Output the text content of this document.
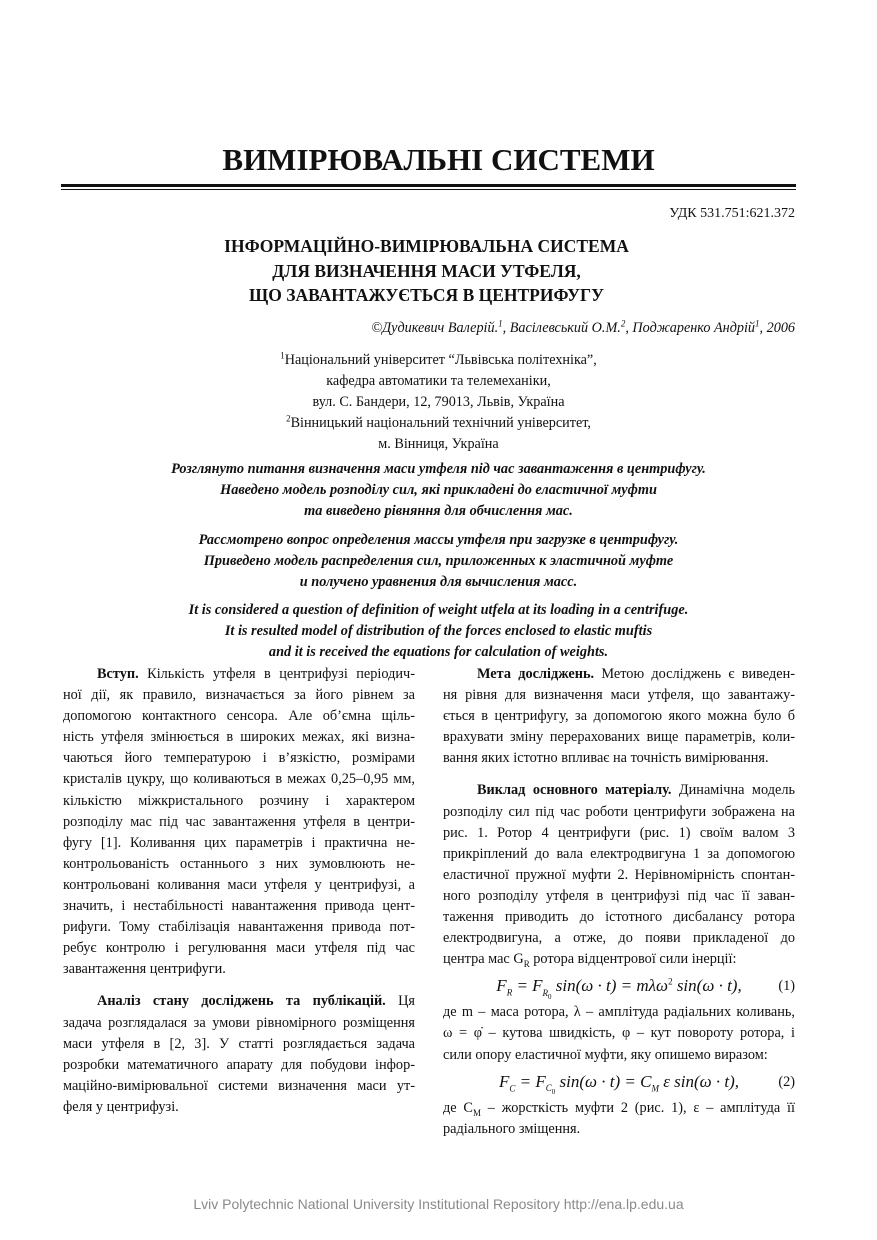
ВИМІРЮВАЛЬНІ СИСТЕМИ
УДК 531.751:621.372
ІНФОРМАЦІЙНО-ВИМІРЮВАЛЬНА СИСТЕМА
ДЛЯ ВИЗНАЧЕННЯ МАСИ УТФЕЛЯ,
ЩО ЗАВАНТАЖУЄТЬСЯ В ЦЕНТРИФУГУ
©Дудикевич Валерій.$^1$, Васілевський О.М.$^2$, Поджаренко Андрій$^1$, 2006
$^1$Національний університет “Львівська політехніка”,
кафедра автоматики та телемеханіки,
вул. С. Бандери, 12, 79013, Львів, Україна
$^2$Вінницький національний технічний університет,
м. Вінниця, Україна
Розглянуто питання визначення маси утфеля під час завантаження в центрифугу.
Наведено модель розподілу сил, які прикладені до еластичної муфти
та виведено рівняння для обчислення мас.
Рассмотрено вопрос определения массы утфеля при загрузке в центрифугу.
Приведено модель распределения сил, приложенных к эластичной муфте
и получено уравнения для вычисления масс.
It is considered a question of definition of weight utfela at its loading in a centrifuge.
It is resulted model of distribution of the forces enclosed to elastic muftis
and it is received the equations for calculation of weights.

Вступ. Кількість утфеля в центрифузі періодич-
ної дії, як правило, визначається за його рівнем за
допомогою контактного сенсора. Але об’ємна щіль-
ність утфеля змінюється в широких межах, які визна-
чаються його температурою і в’язкістю, розмірами
кристалів цукру, що коливаються в межах 0,25–0,95 мм,
кількістю міжкристального розчину і характером
розподілу мас під час завантаження утфеля в центри-
фугу [1]. Коливання цих параметрів і практична не-
контрольованість останнього з них зумовлюють не-
контрольовані коливання маси утфеля у центрифузі, а
значить, і нестабільності навантаження привода цент-
рифуги. Тому стабілізація навантаження привода пот-
ребує контролю і регулювання маси утфеля під час
завантаження центрифуги.

Аналіз стану досліджень та публікацій. Ця
задача розглядалася за умови рівномірного розміщення
маси утфеля в [2, 3]. У статті розглядається задача
розробки математичного апарату для побудови інфор-
маційно-вимірювальної системи визначення маси ут-
феля у центрифузі.

Мета досліджень. Метою досліджень є виведен-
ня рівня для визначення маси утфеля, що завантажу-
ється в центрифугу, за допомогою якого можна було б
врахувати зміну перерахованих вище параметрів, коли-
вання яких істотно впливає на точність вимірювання.

Виклад основного матеріалу. Динамічна модель
розподілу сил під час роботи центрифуги зображена на
рис. 1. Ротор 4 центрифуги (рис. 1) своїм валом 3
прикріплений до вала електродвигуна 1 за допомогою
еластичної пружної муфти 2. Нерівномірність спонтан-
ного розподілу утфеля в центрифузі під час її заван-
таження приводить до істотного дисбалансу ротора
електродвигуна, а отже, до появи прикладеної до
центра мас $G_R$ ротора відцентрової сили інерції:

$F_R = F_{R_0}$ sin(ω · t) = mλω$^2$ sin(ω · t),	(1)

де m – маса ротора, λ – амплітуда радіальних коливань,
ω = φ̇ – кутова швидкість, φ – кут повороту ротора, і
сили опору еластичної муфти, яку опишемо виразом:

$F_C = F_{C_0}$ $\sin(\omega \cdot t) = C_M$ ε sin(ω · t),	(2)

де $C_M$ – жорсткість муфти 2 (рис. 1), ε – амплітуда її
радіального зміщення.

Lviv Polytechnic National University Institutional Repository http://ena.lp.edu.ua
